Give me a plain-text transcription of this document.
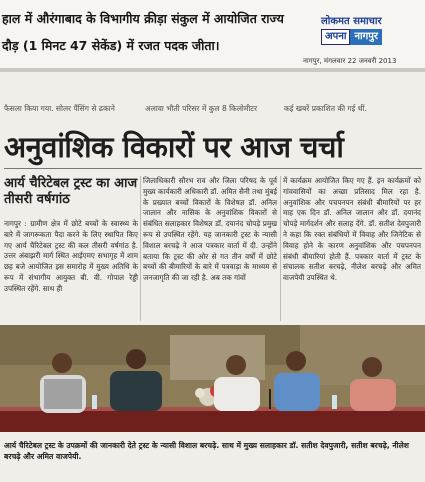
हाल में औरंगाबाद के विभागीय क्रीड़ा संकुल में आयोजित राज्य
दौड़ (1 मिनट 47 सेकेंड) में रजत पदक जीता।
लोकमत समाचार
अपना नागपुर
नागपुर, मंगलवार 22 जनवरी 2013
फैसला किया गया. सोलर पैंसिंग से ढकाने	अलावा भौती परिसर में कुल 8 किलोमीटर	कई खबरें प्रकाशित की गई थीं.
अनुवांशिक विकारों पर आज चर्चा
आर्य चैरिटेबल ट्रस्ट का आज तीसरी वर्षगांठ
नागपुर : ग्रामीण क्षेत्र में छोटे बच्चों के स्वास्थ्य के बारे में जागरूकता पैदा करने के लिए स्थापित किए गए आर्य चैरिटेबल ट्रस्ट की कल तीसरी वर्षगांठ है. उत्तर अंबाझरी मार्ग स्थित आईएमए सभागृह में शाम छह बजे आयोजित इस समारोह में मुख्य अतिथि के रूप में संभागीय आयुक्त बी. वी. गोपाल रेड्डी उपस्थित रहेंगे. साथ ही
जिलाधिकारी सौरभ राव और जिला परिषद के पूर्व मुख्य कार्यकारी अधिकारी डॉ. अमित सैनी तथा मुंबई के प्रख्यात बच्चों विकारों के विशेषज्ञ डॉ. अनिल जालान और नासिक के अनुवांशिक विकारों से संबंधित सलाहकार विशेषज्ञ डॉ. दयानंद चोपड़े प्रमुख रूप से उपस्थित रहेंगे. यह जानकारी ट्रस्ट के न्यासी विशाल बरचढ़े ने आज पत्रकार वार्ता में दी. उन्होंने बताया कि ट्रस्ट की ओर से गत तीन वर्षों में छोटे बच्चों की बीमारियों के बारे में पत्रवाड़ा के माध्यम से जनजागृति की जा रही है. अब तक गांवों
में कार्यक्रम आयोजित किए गए हैं. इन कार्यक्रमों को गांववासियों का अच्छा प्रतिसाद मिल रहा है. अनुवांशिक और पचपनपन संबंधी बीमारियों पर हर माह एक दिन डॉ. अनिल जालान और डॉ. दयानंद चोपड़े मार्गदर्शन और सलाह देंगे. डॉ. सतीश देवपुजारी ने कहा कि रक्त संबंधियों में विवाह और जिनेटिक से विवाह होने के कारण अनुवांशिक और पचपनपन संबंधी बीमारियां होती हैं. पत्रकार वार्ता में ट्रस्ट के संचालक सतीश बरचढ़े, नीलेश बरचढ़े और अमित वाजपेयी उपस्थित थे.
आर्य चैरिटेबल ट्रस्ट के उपक्रमों की जानकारी देते ट्रस्ट के न्यासी विशाल बरचढ़े. साथ में मुख्य सलाहकार डॉ. सतीश देवपुजारी, सतीश बरचढ़े, नीलेश बरचढ़े और अमित वाजपेयी.
